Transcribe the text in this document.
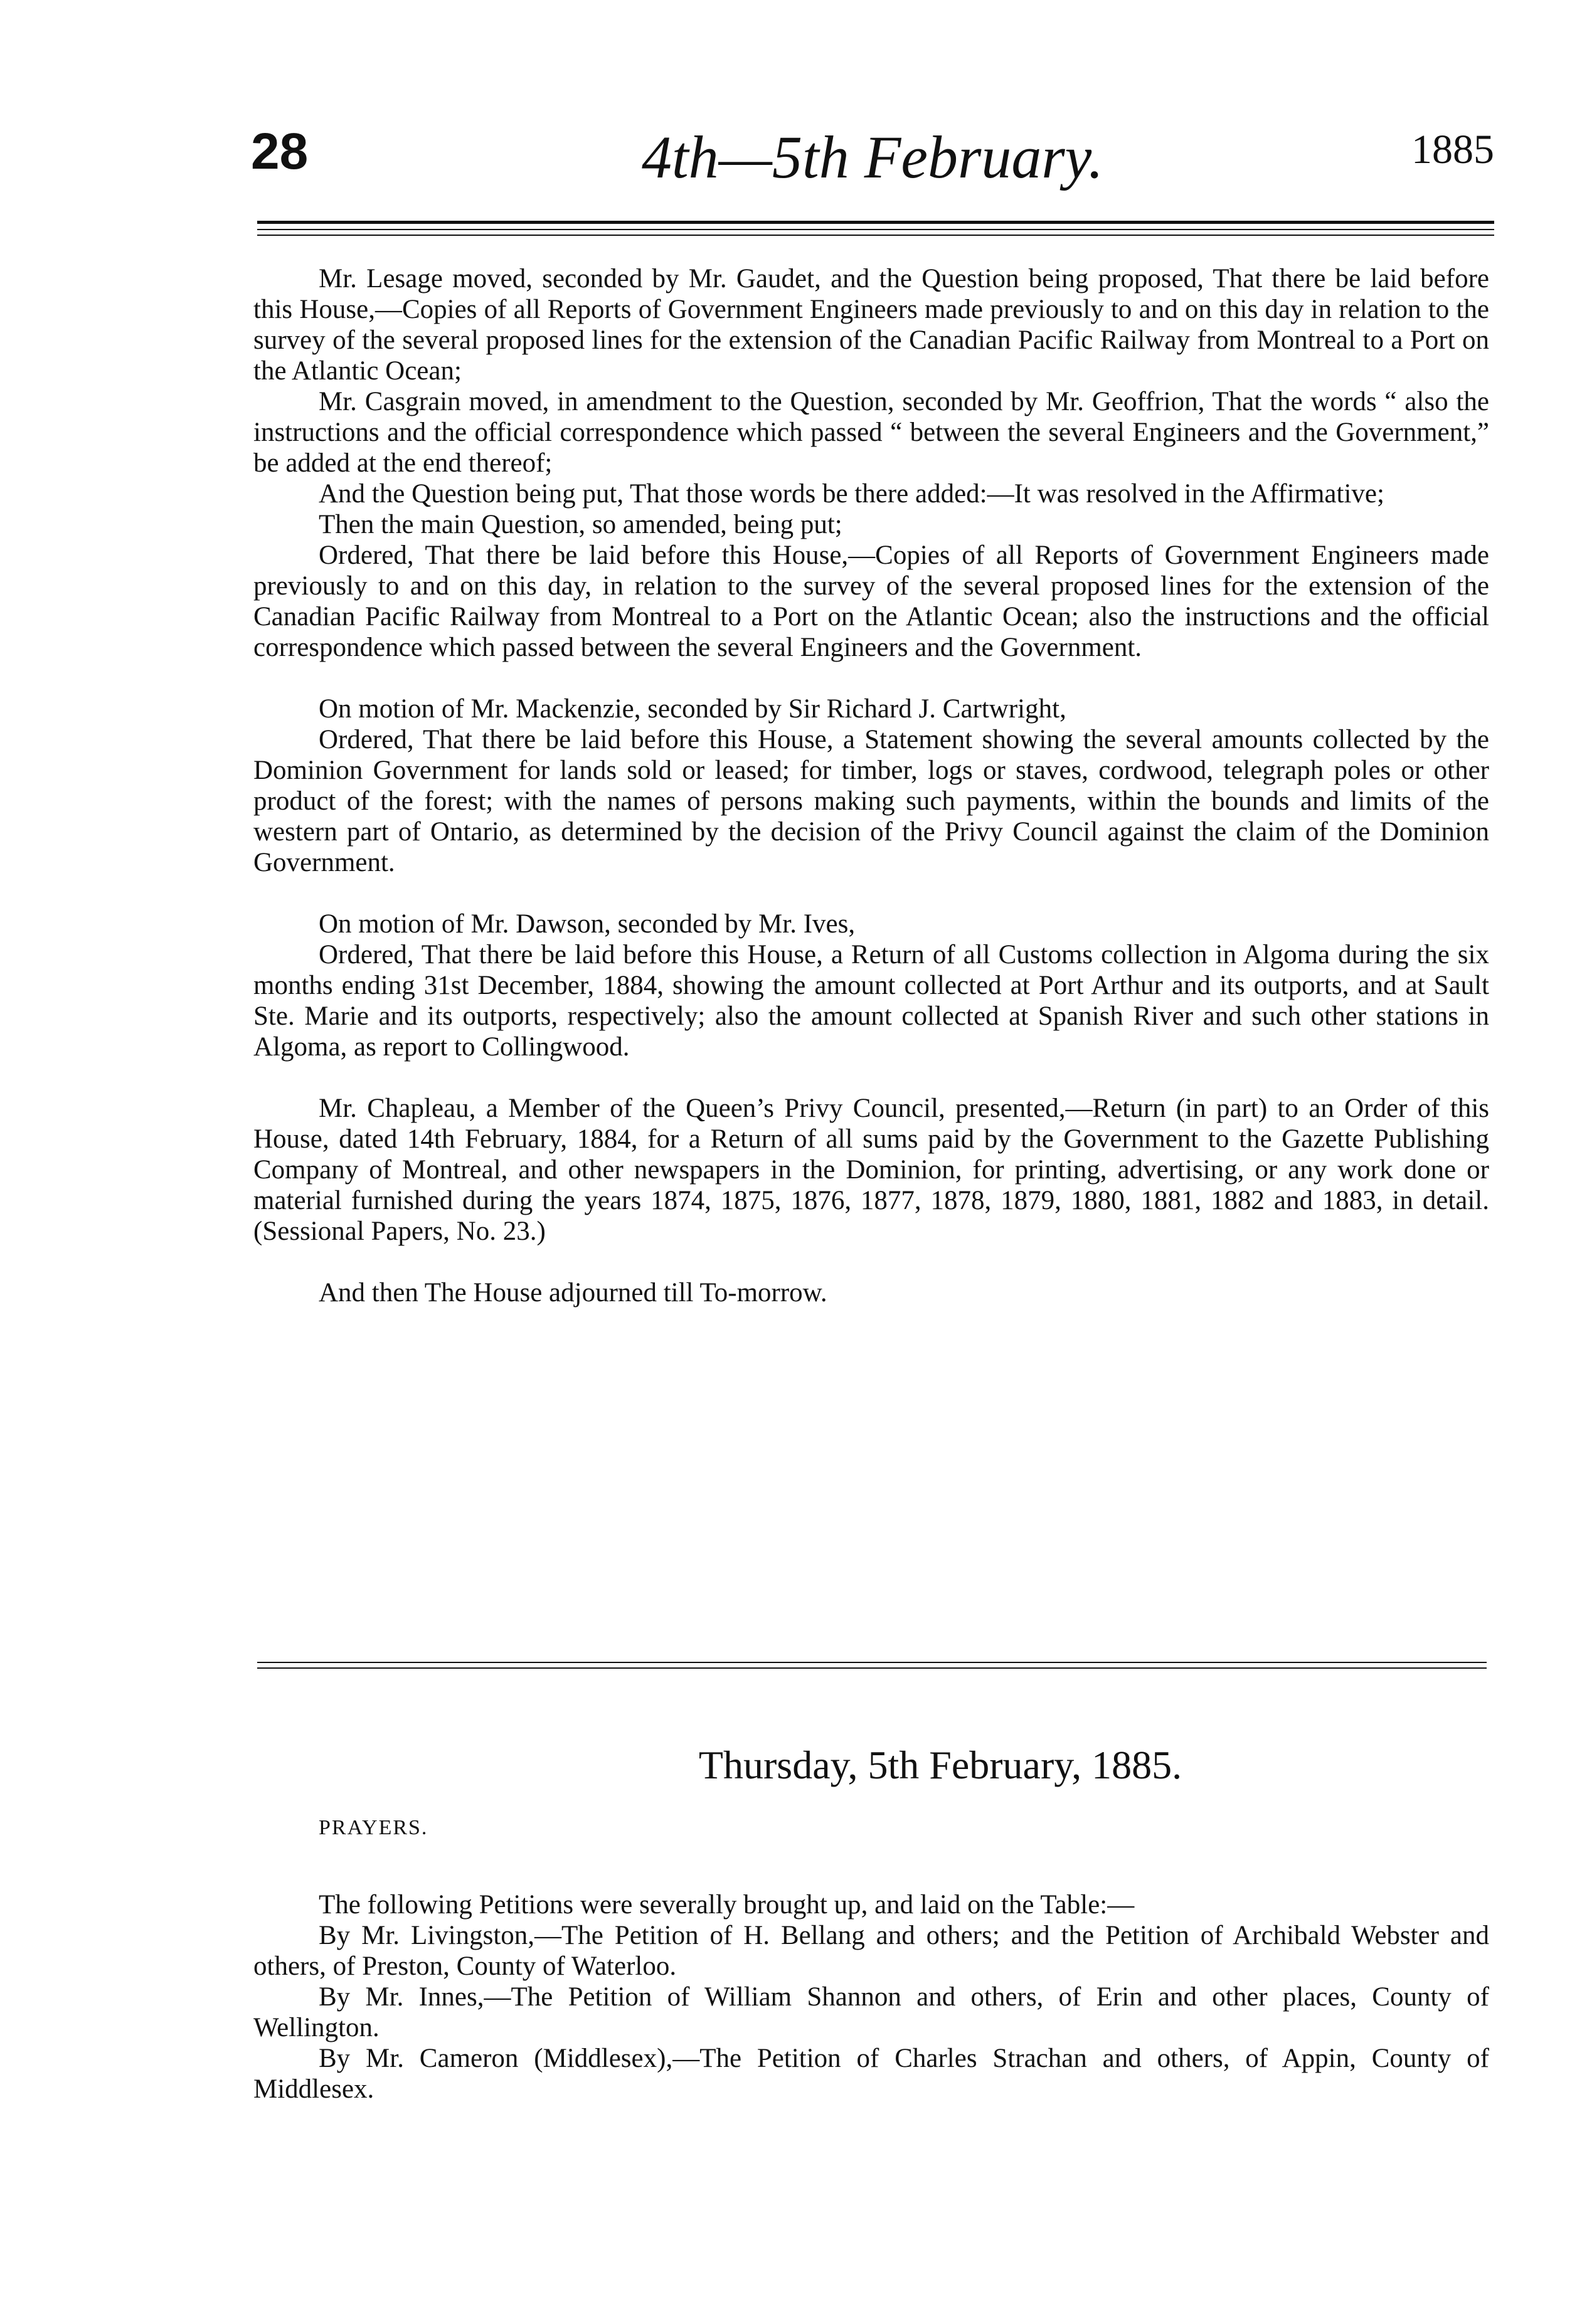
28	4th—5th February.	1885

Mr. Lesage moved, seconded by Mr. Gaudet, and the Question being proposed, That there be laid before this House,—Copies of all Reports of Government Engineers made previously to and on this day in relation to the survey of the several proposed lines for the extension of the Canadian Pacific Railway from Montreal to a Port on the Atlantic Ocean;

Mr. Casgrain moved, in amendment to the Question, seconded by Mr. Geoffrion, That the words “ also the instructions and the official correspondence which passed “ between the several Engineers and the Government,” be added at the end thereof;

And the Question being put, That those words be there added:—It was resolved in the Affirmative;

Then the main Question, so amended, being put;

Ordered, That there be laid before this House,—Copies of all Reports of Government Engineers made previously to and on this day, in relation to the survey of the several proposed lines for the extension of the Canadian Pacific Railway from Montreal to a Port on the Atlantic Ocean; also the instructions and the official correspondence which passed between the several Engineers and the Government.

On motion of Mr. Mackenzie, seconded by Sir Richard J. Cartwright,

Ordered, That there be laid before this House, a Statement showing the several amounts collected by the Dominion Government for lands sold or leased; for timber, logs or staves, cordwood, telegraph poles or other product of the forest; with the names of persons making such payments, within the bounds and limits of the western part of Ontario, as determined by the decision of the Privy Council against the claim of the Dominion Government.

On motion of Mr. Dawson, seconded by Mr. Ives,

Ordered, That there be laid before this House, a Return of all Customs collection in Algoma during the six months ending 31st December, 1884, showing the amount collected at Port Arthur and its outports, and at Sault Ste. Marie and its outports, respectively; also the amount collected at Spanish River and such other stations in Algoma, as report to Collingwood.

Mr. Chapleau, a Member of the Queen’s Privy Council, presented,—Return (in part) to an Order of this House, dated 14th February, 1884, for a Return of all sums paid by the Government to the Gazette Publishing Company of Montreal, and other newspapers in the Dominion, for printing, advertising, or any work done or material furnished during the years 1874, 1875, 1876, 1877, 1878, 1879, 1880, 1881, 1882 and 1883, in detail. (Sessional Papers, No. 23.)

And then The House adjourned till To-morrow.

Thursday, 5th February, 1885.

PRAYERS.

The following Petitions were severally brought up, and laid on the Table:—

By Mr. Livingston,—The Petition of H. Bellang and others; and the Petition of Archibald Webster and others, of Preston, County of Waterloo.

By Mr. Innes,—The Petition of William Shannon and others, of Erin and other places, County of Wellington.

By Mr. Cameron (Middlesex),—The Petition of Charles Strachan and others, of Appin, County of Middlesex.
